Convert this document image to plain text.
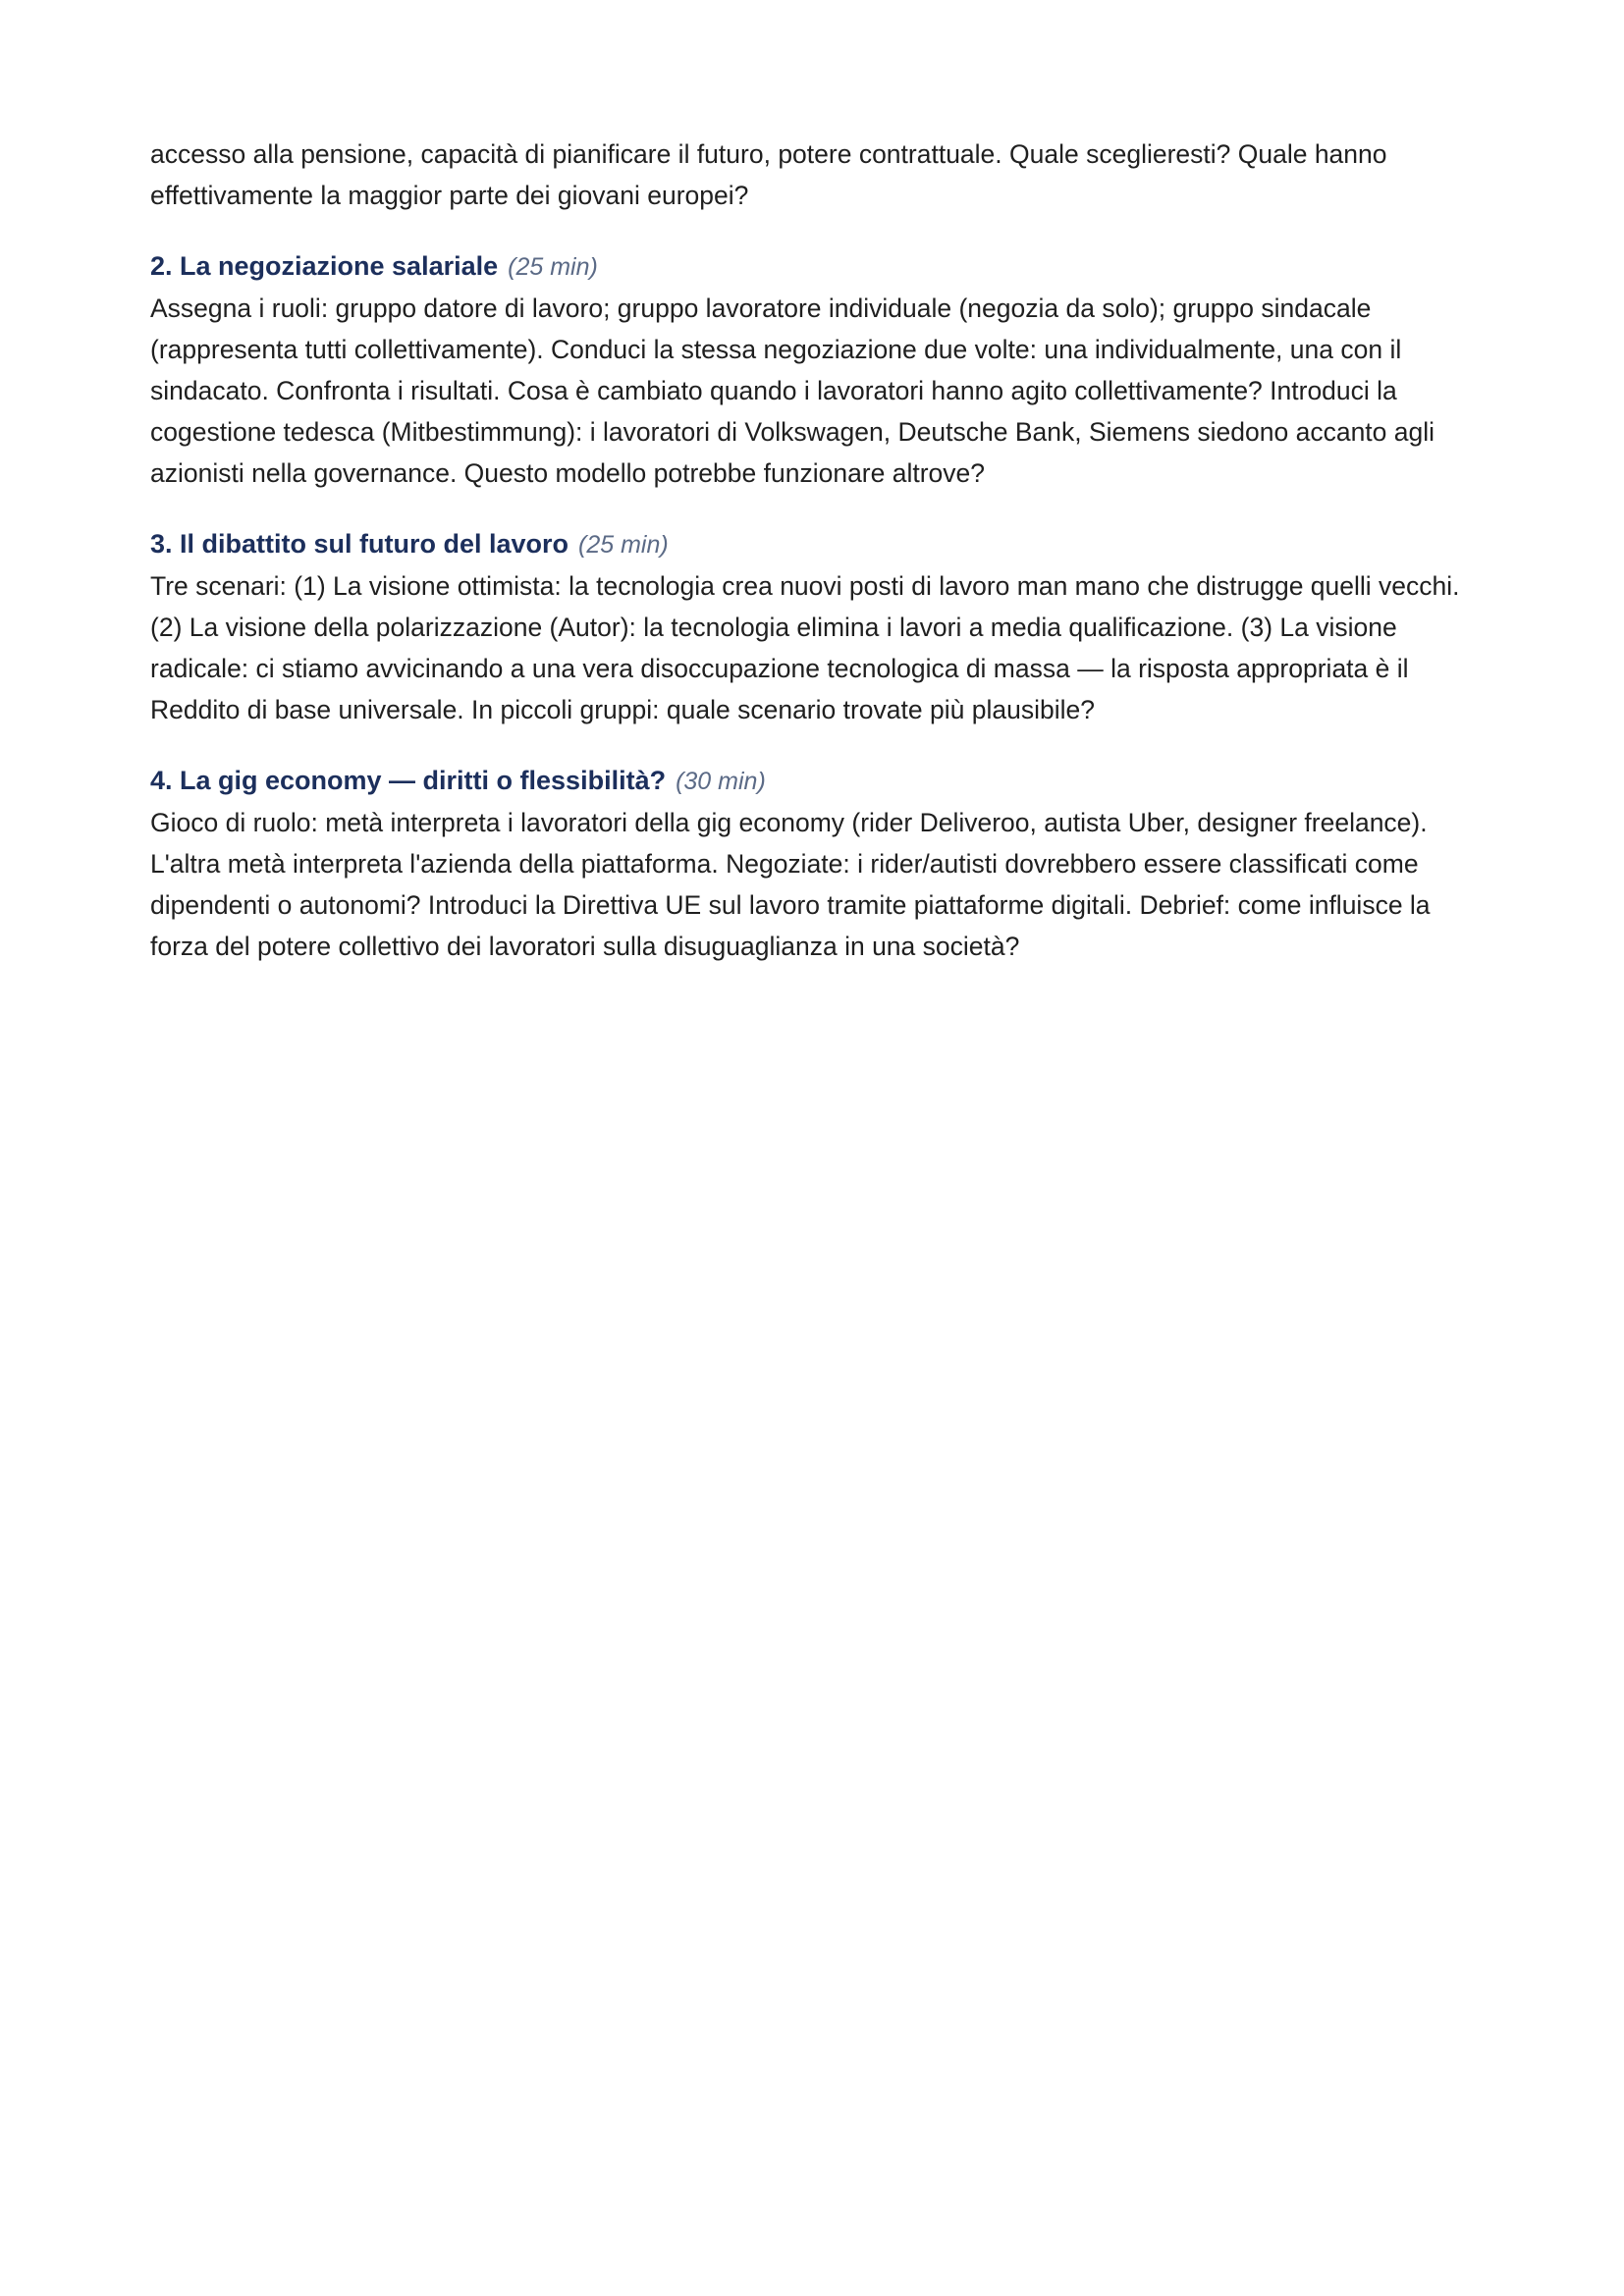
accesso alla pensione, capacità di pianificare il futuro, potere contrattuale. Quale sceglieresti? Quale hanno effettivamente la maggior parte dei giovani europei?

2. La negoziazione salariale (25 min)

Assegna i ruoli: gruppo datore di lavoro; gruppo lavoratore individuale (negozia da solo); gruppo sindacale (rappresenta tutti collettivamente). Conduci la stessa negoziazione due volte: una individualmente, una con il sindacato. Confronta i risultati. Cosa è cambiato quando i lavoratori hanno agito collettivamente? Introduci la cogestione tedesca (Mitbestimmung): i lavoratori di Volkswagen, Deutsche Bank, Siemens siedono accanto agli azionisti nella governance. Questo modello potrebbe funzionare altrove?

3. Il dibattito sul futuro del lavoro (25 min)

Tre scenari: (1) La visione ottimista: la tecnologia crea nuovi posti di lavoro man mano che distrugge quelli vecchi. (2) La visione della polarizzazione (Autor): la tecnologia elimina i lavori a media qualificazione. (3) La visione radicale: ci stiamo avvicinando a una vera disoccupazione tecnologica di massa — la risposta appropriata è il Reddito di base universale. In piccoli gruppi: quale scenario trovate più plausibile?

4. La gig economy — diritti o flessibilità? (30 min)

Gioco di ruolo: metà interpreta i lavoratori della gig economy (rider Deliveroo, autista Uber, designer freelance). L'altra metà interpreta l'azienda della piattaforma. Negoziate: i rider/autisti dovrebbero essere classificati come dipendenti o autonomi? Introduci la Direttiva UE sul lavoro tramite piattaforme digitali. Debrief: come influisce la forza del potere collettivo dei lavoratori sulla disuguaglianza in una società?
